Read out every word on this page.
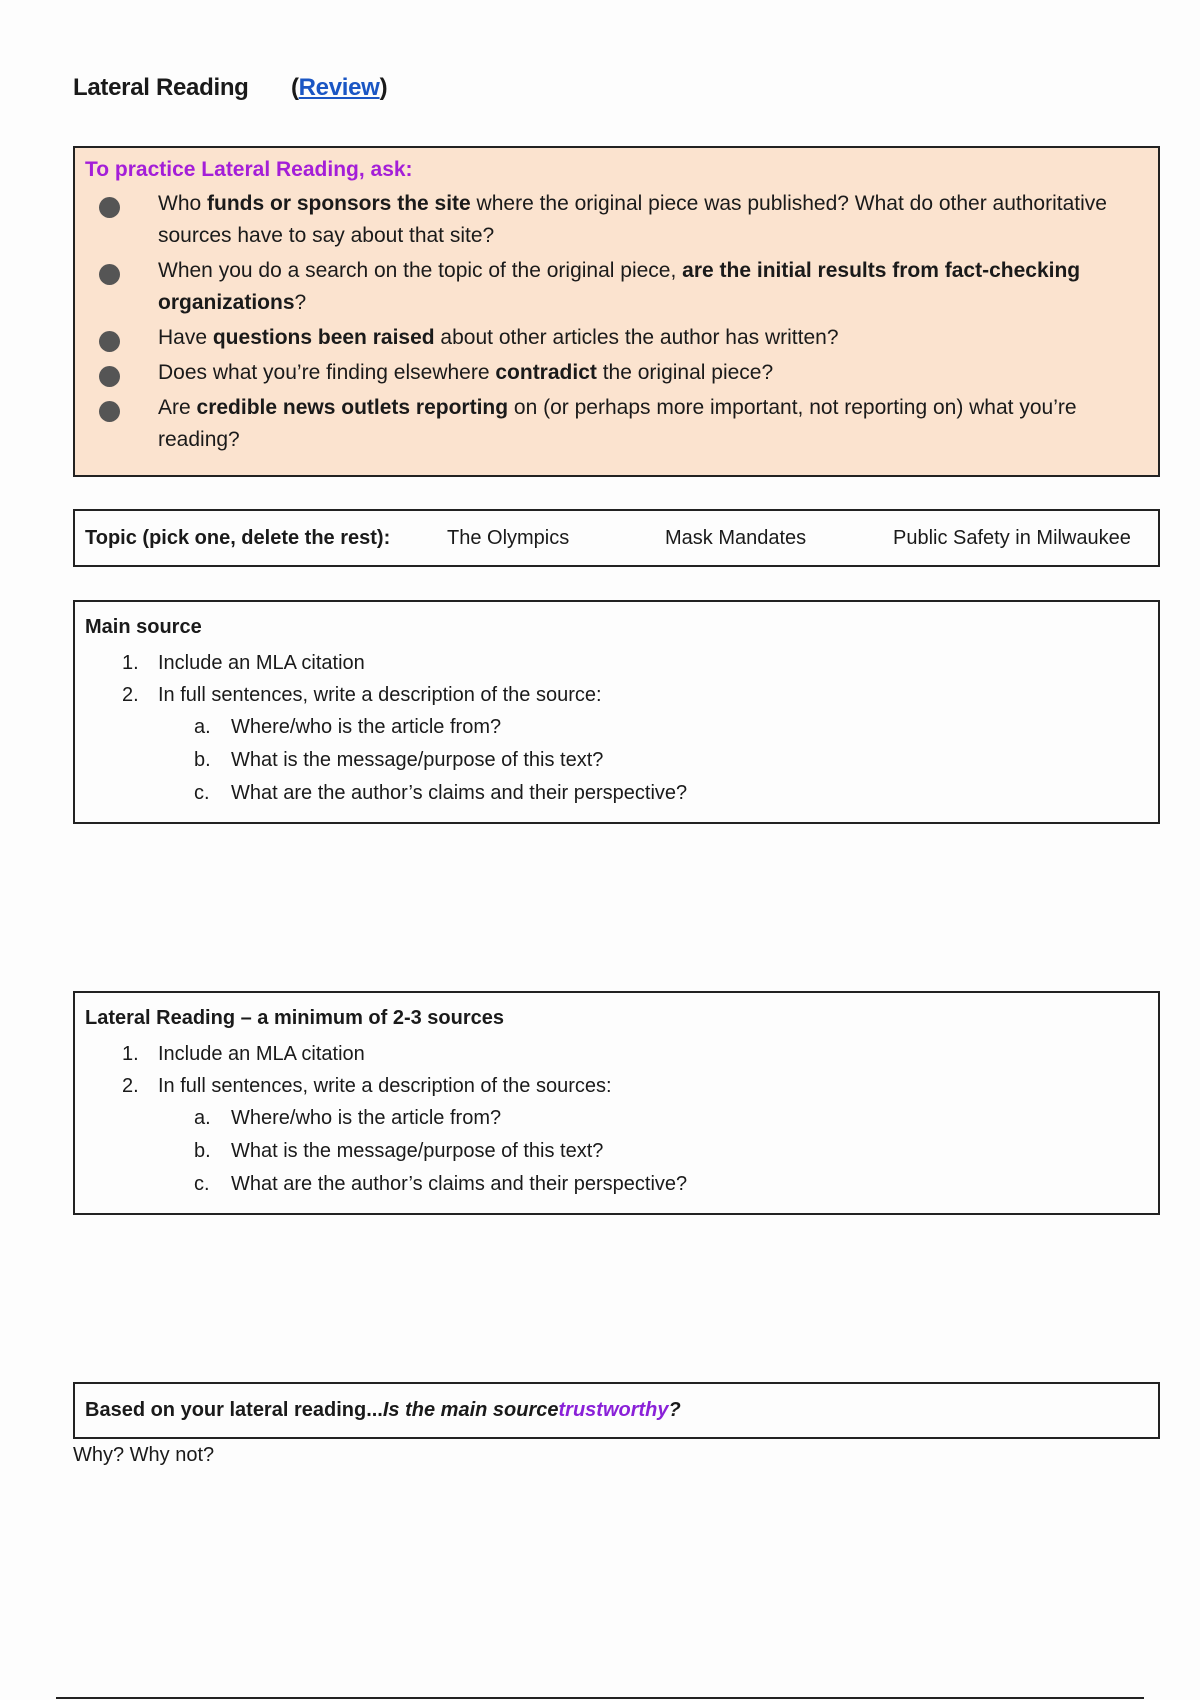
Lateral Reading (Review)
To practice Lateral Reading, ask:
Who funds or sponsors the site where the original piece was published? What do other authoritative sources have to say about that site?
When you do a search on the topic of the original piece, are the initial results from fact-checking organizations?
Have questions been raised about other articles the author has written?
Does what you’re finding elsewhere contradict the original piece?
Are credible news outlets reporting on (or perhaps more important, not reporting on) what you’re reading?
Topic (pick one, delete the rest):	The Olympics	Mask Mandates	Public Safety in Milwaukee
Main source
1. Include an MLA citation
2. In full sentences, write a description of the source:
a. Where/who is the article from?
b. What is the message/purpose of this text?
c. What are the author’s claims and their perspective?
Lateral Reading – a minimum of 2-3 sources
1. Include an MLA citation
2. In full sentences, write a description of the sources:
a. Where/who is the article from?
b. What is the message/purpose of this text?
c. What are the author’s claims and their perspective?
Based on your lateral reading... Is the main source trustworthy ?
Why? Why not?
